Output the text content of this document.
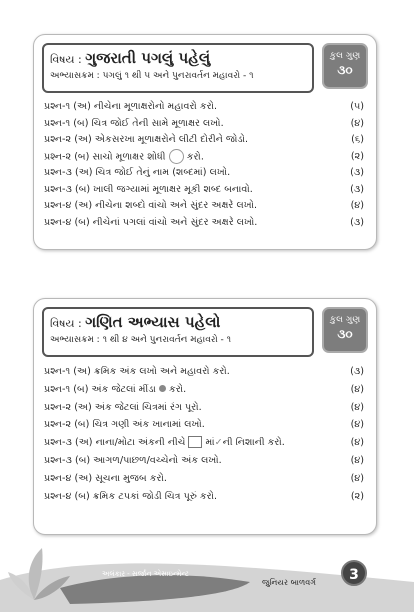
વિષય : ગુજરાતી પગલું પહેલું
અભ્યાસક્રમ : પગલું ૧ થી ૫ અને પુનરાવર્તન મહાવરો - ૧
કુલ ગુણ
૩૦
પ્રશ્ન-૧ (અ) નીચેના મૂળાક્ષરોનો મહાવરો કરો.	(૫)
પ્રશ્ન-૧ (બ) ચિત્ર જોઈ તેની સામે મૂળાક્ષર લખો.	(૪)
પ્રશ્ન-૨ (અ) એકસરખા મૂળાક્ષરોને લીટી દોરીને જોડો.	(૬)
પ્રશ્ન-૨ (બ) સાચો મૂળાક્ષર શોધી કરો.	(૨)
પ્રશ્ન-૩ (અ) ચિત્ર જોઈ તેનું નામ (શબ્દમાં) લખો.	(૩)
પ્રશ્ન-૩ (બ) ખાલી જગ્યામાં મૂળાક્ષર મૂકી શબ્દ બનાવો.	(૩)
પ્રશ્ન-૪ (અ) નીચેના શબ્દો વાંચો અને સુંદર અક્ષરે લખો.	(૪)
પ્રશ્ન-૪ (બ) નીચેનાં પગલાં વાંચો અને સુંદર અક્ષરે લખો.	(૩)
વિષય : ગણિત અભ્યાસ પહેલો
અભ્યાસક્રમ : ૧ થી ૪ અને પુનરાવર્તન મહાવરો - ૧
કુલ ગુણ
૩૦
પ્રશ્ન-૧ (અ) ક્રમિક અંક લખો અને મહાવરો કરો.	(૩)
પ્રશ્ન-૧ (બ) અંક જેટલાં મીંડા કરો.	(૪)
પ્રશ્ન-૨ (અ) અંક જેટલાં ચિત્રમાં રંગ પૂરો.	(૪)
પ્રશ્ન-૨ (બ) ચિત્ર ગણી અંક ખાનામાં લખો.	(૪)
પ્રશ્ન-૩ (અ) નાના/મોટા અંકની નીચે માં✓ની નિશાની કરો.	(૪)
પ્રશ્ન-૩ (બ) આગળ/પાછળ/વચ્ચેનો અંક લખો.	(૪)
પ્રશ્ન-૪ (અ) સૂચના મુજબ કરો.	(૪)
પ્રશ્ન-૪ (બ) ક્રમિક ટપકાં જોડી ચિત્ર પૂરું કરો.	(૨)
અલંકાર - સર્જાન એસાઇન્મેન્ટ
જુનિયર બાળવર્ગ	3
